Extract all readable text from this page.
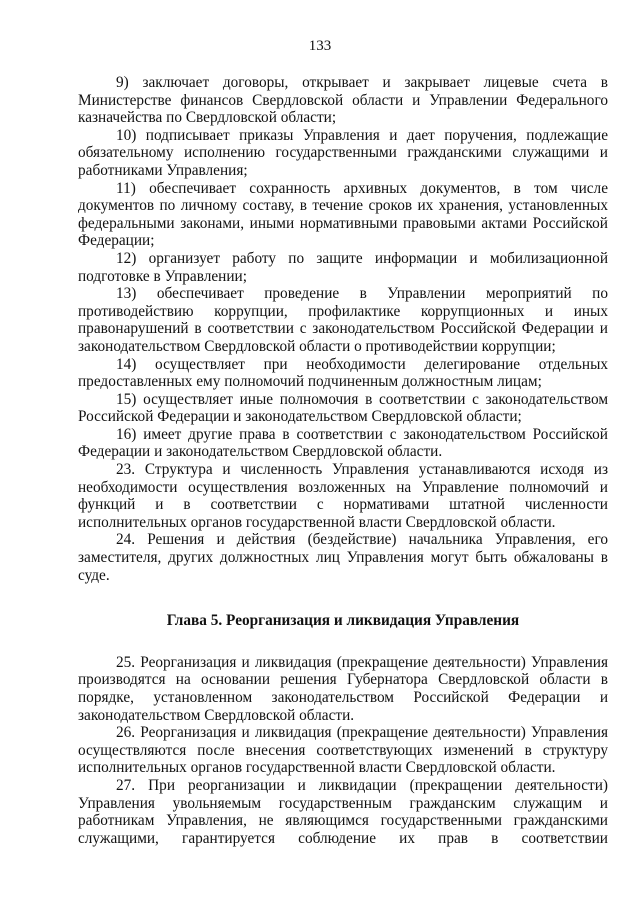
133

9) заключает договоры, открывает и закрывает лицевые счета в Министерстве финансов Свердловской области и Управлении Федерального казначейства по Свердловской области;

10) подписывает приказы Управления и дает поручения, подлежащие обязательному исполнению государственными гражданскими служащими и работниками Управления;

11) обеспечивает сохранность архивных документов, в том числе документов по личному составу, в течение сроков их хранения, установленных федеральными законами, иными нормативными правовыми актами Российской Федерации;

12) организует работу по защите информации и мобилизационной подготовке в Управлении;

13) обеспечивает проведение в Управлении мероприятий по противодействию коррупции, профилактике коррупционных и иных правонарушений в соответствии с законодательством Российской Федерации и законодательством Свердловской области о противодействии коррупции;

14) осуществляет при необходимости делегирование отдельных предоставленных ему полномочий подчиненным должностным лицам;

15) осуществляет иные полномочия в соответствии с законодательством Российской Федерации и законодательством Свердловской области;

16) имеет другие права в соответствии с законодательством Российской Федерации и законодательством Свердловской области.

23. Структура и численность Управления устанавливаются исходя из необходимости осуществления возложенных на Управление полномочий и функций и в соответствии с нормативами штатной численности исполнительных органов государственной власти Свердловской области.

24. Решения и действия (бездействие) начальника Управления, его заместителя, других должностных лиц Управления могут быть обжалованы в суде.

Глава 5. Реорганизация и ликвидация Управления

25. Реорганизация и ликвидация (прекращение деятельности) Управления производятся на основании решения Губернатора Свердловской области в порядке, установленном законодательством Российской Федерации и законодательством Свердловской области.

26. Реорганизация и ликвидация (прекращение деятельности) Управления осуществляются после внесения соответствующих изменений в структуру исполнительных органов государственной власти Свердловской области.

27. При реорганизации и ликвидации (прекращении деятельности) Управления увольняемым государственным гражданским служащим и работникам Управления, не являющимся государственными гражданскими служащими, гарантируется соблюдение их прав в соответствии
